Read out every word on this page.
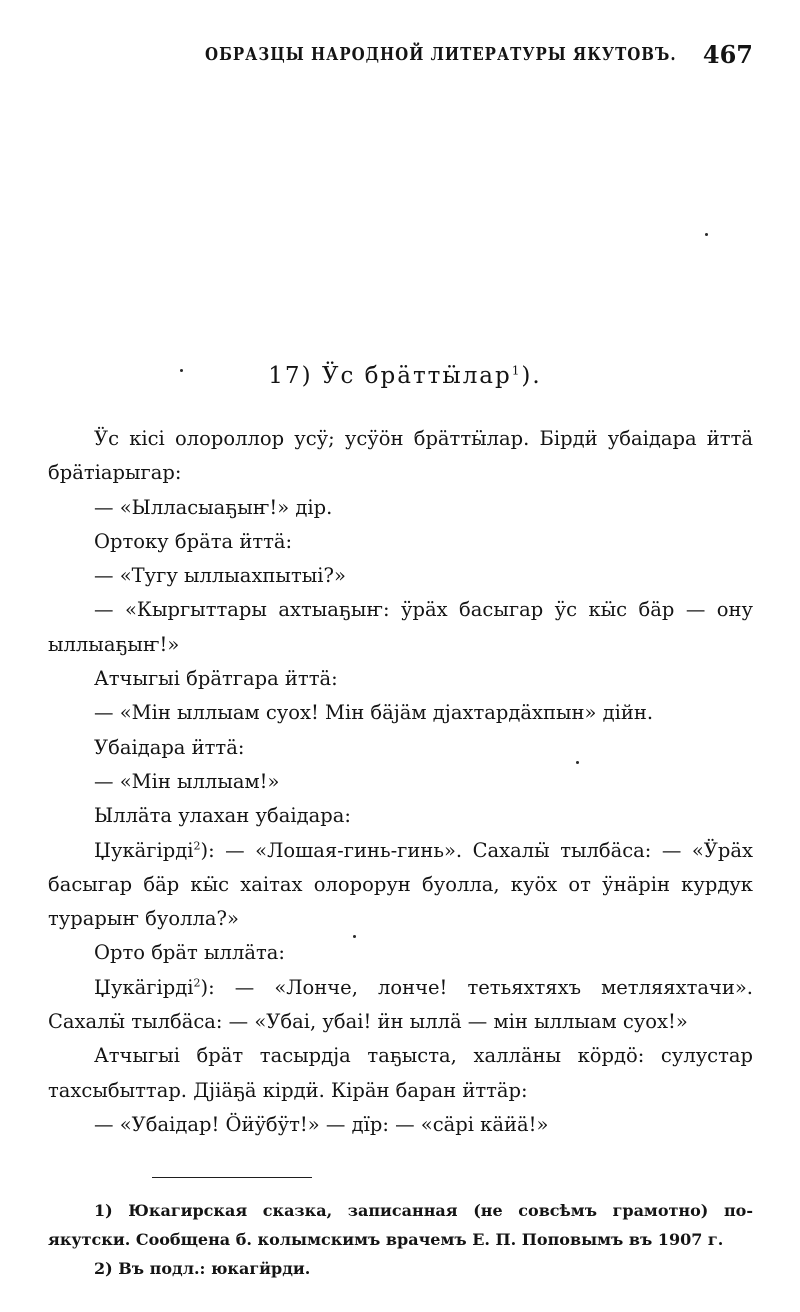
ОБРАЗЦЫ НАРОДНОЙ ЛИТЕРАТУРЫ ЯКУТОВЪ. 467
17) Ӱс брӓттӹлар$^1$).

Ӱс кісі олороллор усӱ; усӱӧн брӓттӹлар. Бірдӥ убаідара ӥттӓ брӓтіарыгар:

— «Ыллаcыаҕыҥ!» дір.

Ортоку брӓта ӥттӓ:

— «Тугу ыллыахпытыі?»

— «Кыргыттары ахтыаҕыҥ: ӱрӓх басыгар ӱс кӹс бӓр — ону ыллыаҕыҥ!»

Атчыгыі брӓтгара ӥттӓ:

— «Мін ыллыам суох! Мін бӓјӓм дјахтардӓхпын» дійн.

Убаідара ӥттӓ:

— «Мін ыллыам!»

Ыллӓта улахан убаідара:

Џукӓгірді$^2$): — «Лошая-гинь-гинь». Сахалӹ тылбӓса: — «Ӱрӓх басыгар бӓр кӹс хаітах олорорун буолла, куӧх от ӱнӓрін курдук турарыҥ буолла?»

Орто брӓт ыллӓта:

Џукӓгірді$^2$): — «Лонче, лонче! тетьяхтяхъ метляяхтачи». Сахалӹ тылбӓса: — «Убаі, убаі! ӥн ыллӓ — мін ыллыам суох!»

Атчыгыі брӓт тасырдја таҕыста, халлӓны кӧрдӧ: сулустар тахсыбыттар. Дјіӓҕӓ кірдӥ. Кірӓн баран ӥттӓр:

— «Убаідар! Ӧӥӱбӱт!» — дїр: — «сӓрі кӓӥӓ!»

1) Юкагирская сказка, записанная (не совсѣмъ грамотно) по-якутски. Сообщена б. колымскимъ врачемъ Е. П. Поповымъ въ 1907 г.

2) Въ подл.: юкагӥрди.
